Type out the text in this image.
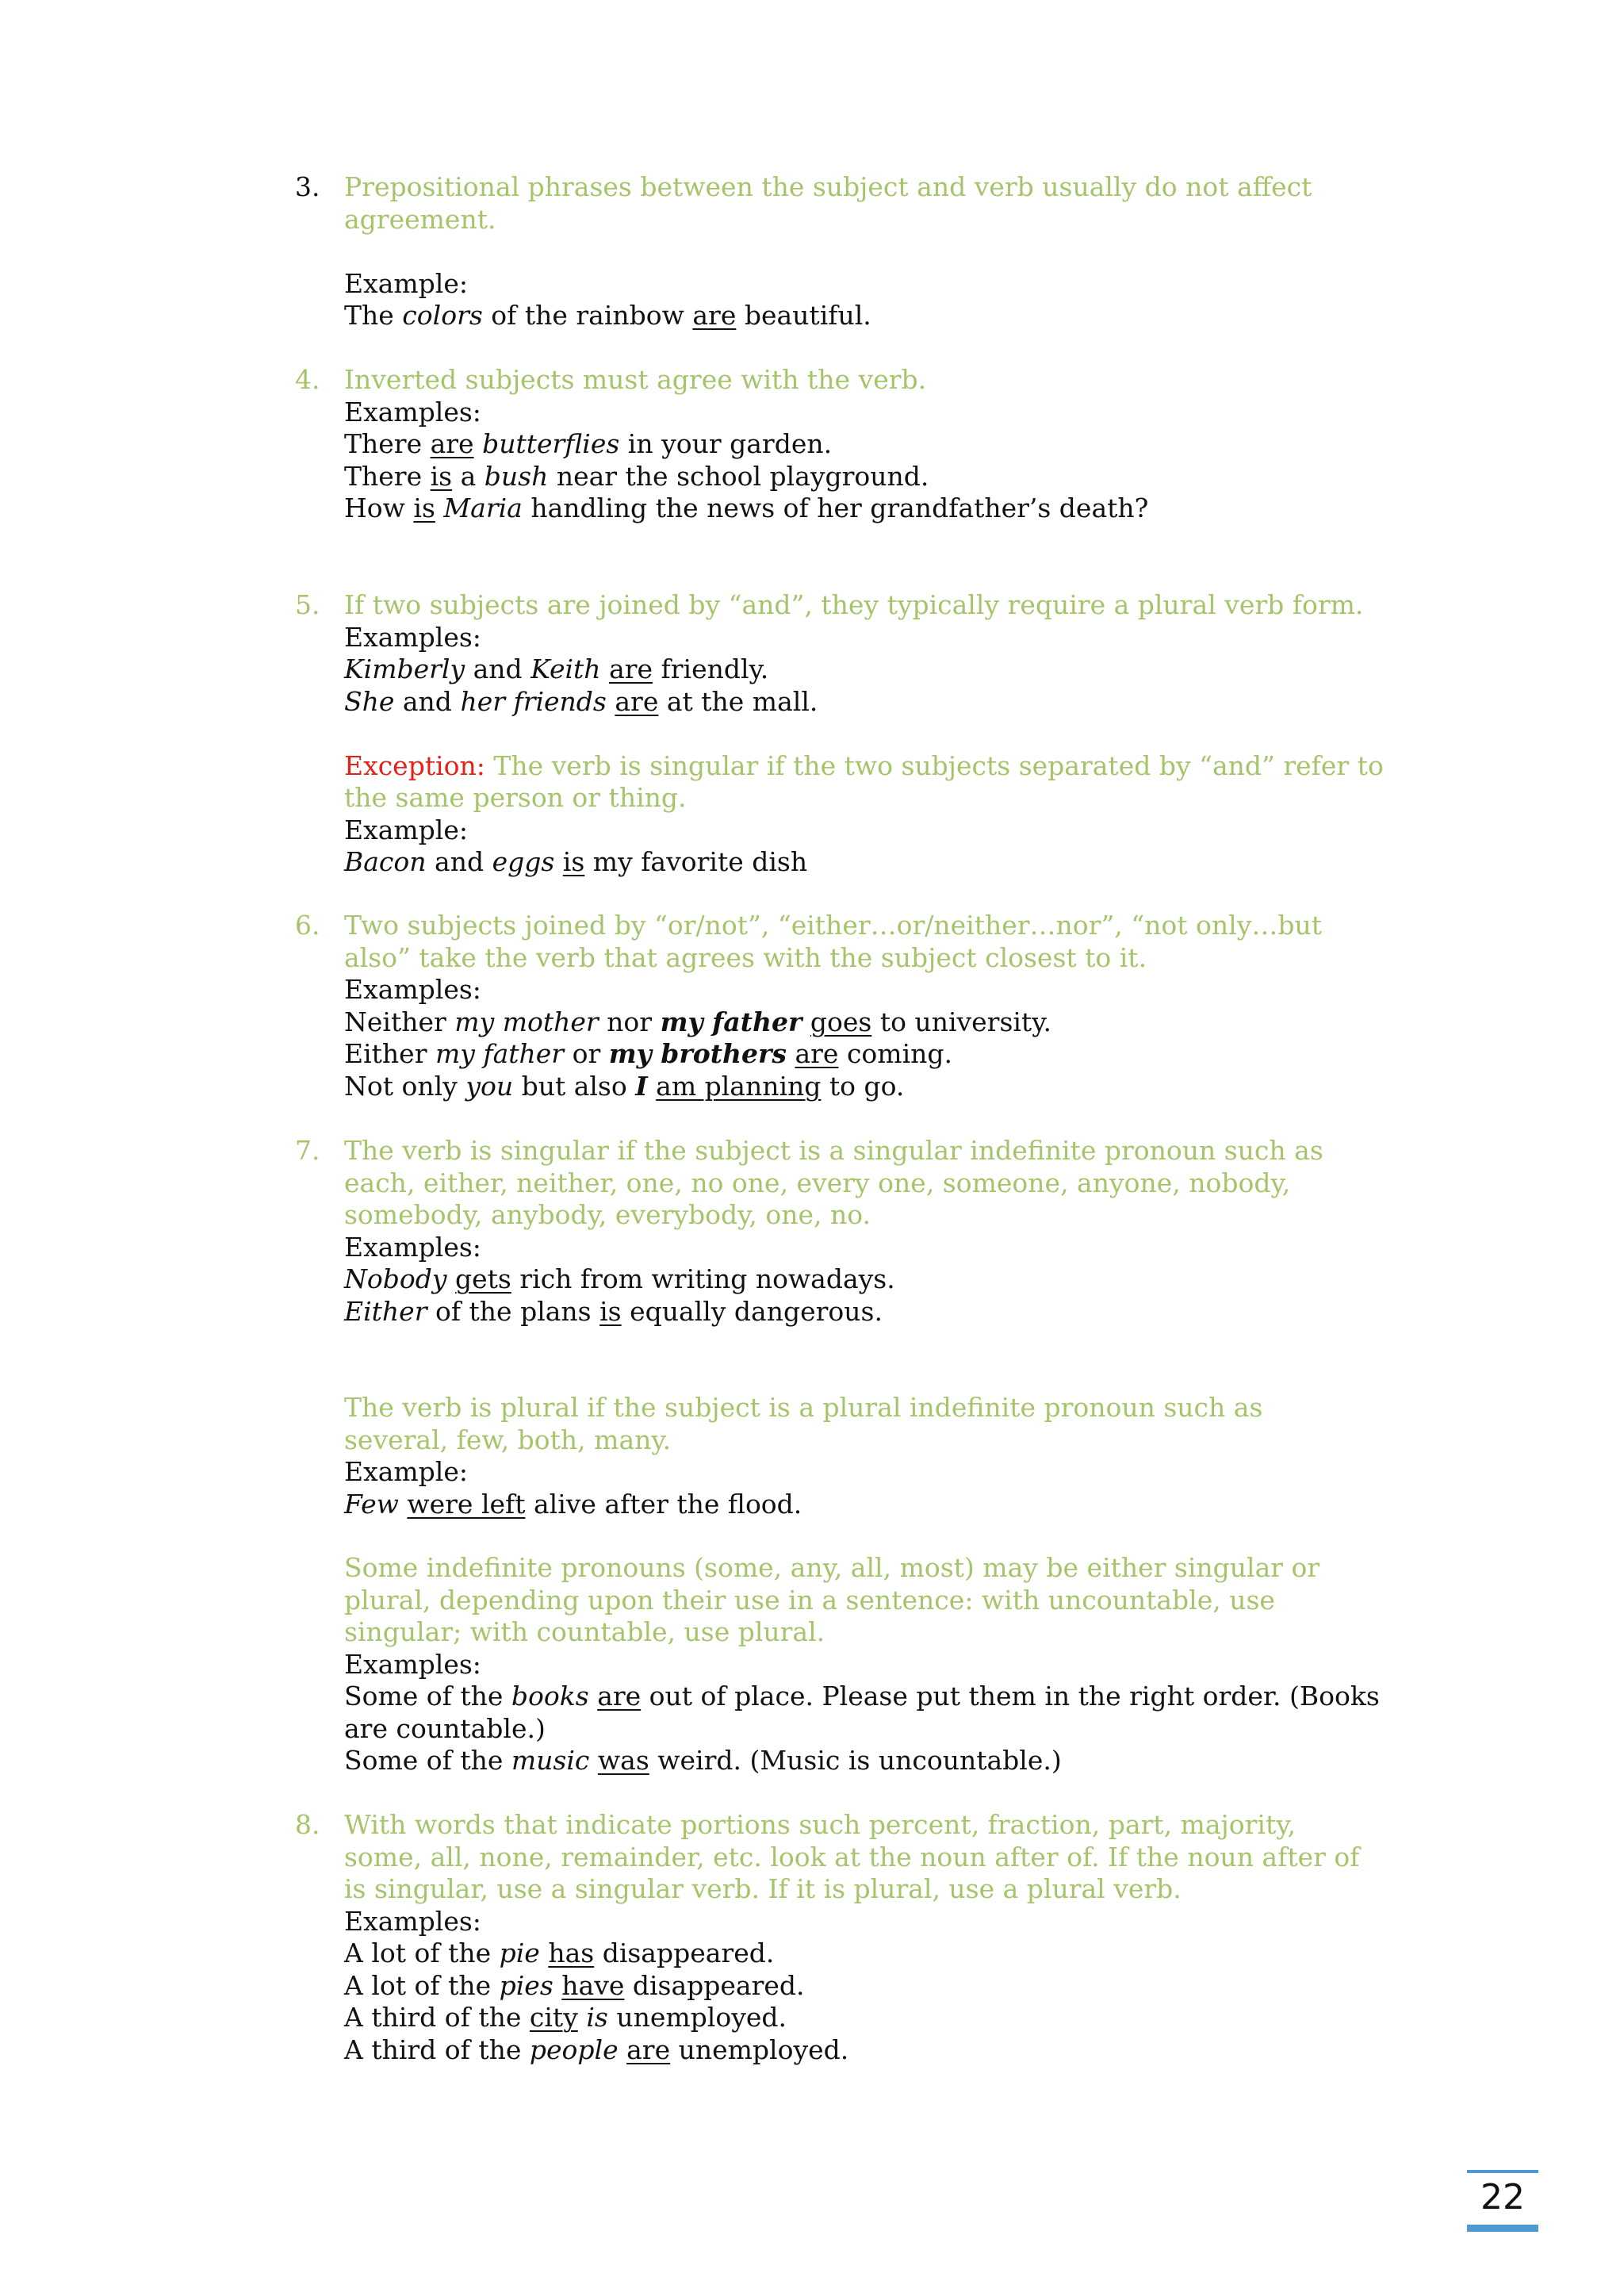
3. Prepositional phrases between the subject and verb usually do not affect

agreement.

Example:

The colors of the rainbow are beautiful.

4. Inverted subjects must agree with the verb.

Examples:

There are butterflies in your garden.

There is a bush near the school playground.

How is Maria handling the news of her grandfather’s death?

5. If two subjects are joined by “and”, they typically require a plural verb form.

Examples:

Kimberly and Keith are friendly.

She and her friends are at the mall.

Exception: The verb is singular if the two subjects separated by “and” refer to

the same person or thing.

Example:

Bacon and eggs is my favorite dish

6. Two subjects joined by “or/not”, “either…or/neither…nor”, “not only…but

also” take the verb that agrees with the subject closest to it.

Examples:

Neither my mother nor my father goes to university.

Either my father or my brothers are coming.

Not only you but also I am planning to go.

7. The verb is singular if the subject is a singular indefinite pronoun such as

each, either, neither, one, no one, every one, someone, anyone, nobody,

somebody, anybody, everybody, one, no.

Examples:

Nobody gets rich from writing nowadays.

Either of the plans is equally dangerous.

The verb is plural if the subject is a plural indefinite pronoun such as

several, few, both, many.

Example:

Few were left alive after the flood.

Some indefinite pronouns (some, any, all, most) may be either singular or

plural, depending upon their use in a sentence: with uncountable, use

singular; with countable, use plural.

Examples:

Some of the books are out of place. Please put them in the right order. (Books

are countable.)

Some of the music was weird. (Music is uncountable.)

8. With words that indicate portions such percent, fraction, part, majority,

some, all, none, remainder, etc. look at the noun after of. If the noun after of

is singular, use a singular verb. If it is plural, use a plural verb.

Examples:

A lot of the pie has disappeared.

A lot of the pies have disappeared.

A third of the city is unemployed.

A third of the people are unemployed.

22
